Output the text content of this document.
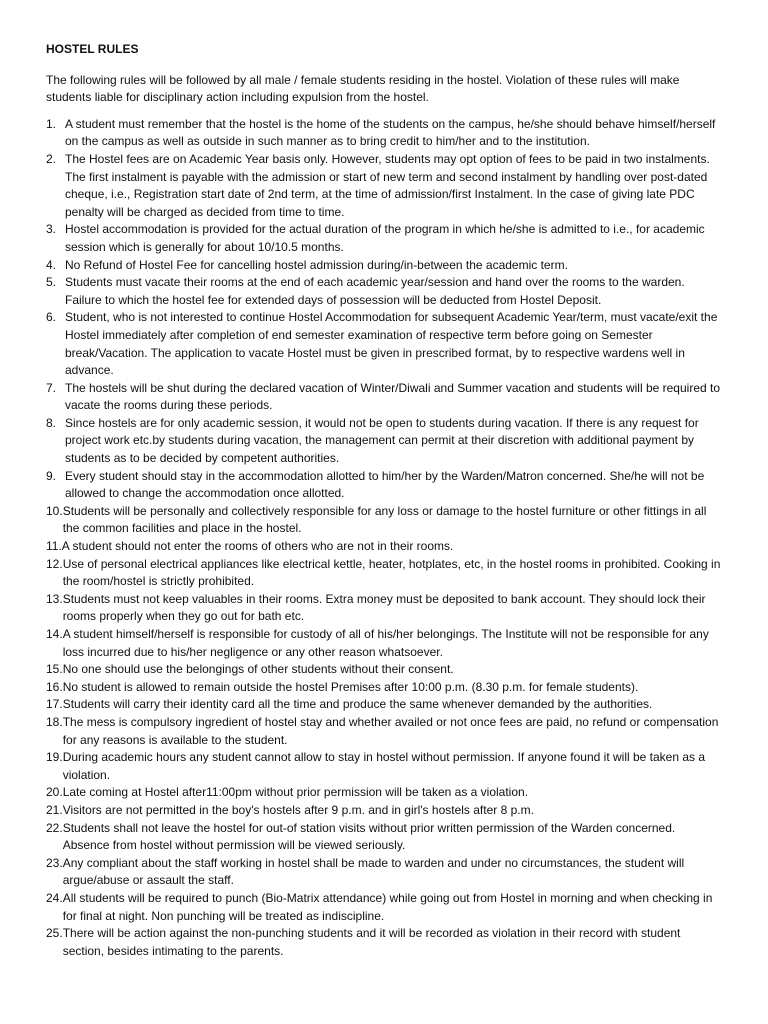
HOSTEL RULES

The following rules will be followed by all male / female students residing in the hostel. Violation of these rules will make students liable for disciplinary action including expulsion from the hostel.

1. A student must remember that the hostel is the home of the students on the campus, he/she should behave himself/herself on the campus as well as outside in such manner as to bring credit to him/her and to the institution.
2. The Hostel fees are on Academic Year basis only. However, students may opt option of fees to be paid in two instalments. The first instalment is payable with the admission or start of new term and second instalment by handling over post-dated cheque, i.e., Registration start date of 2nd term, at the time of admission/first Instalment. In the case of giving late PDC penalty will be charged as decided from time to time.
3. Hostel accommodation is provided for the actual duration of the program in which he/she is admitted to i.e., for academic session which is generally for about 10/10.5 months.
4. No Refund of Hostel Fee for cancelling hostel admission during/in-between the academic term.
5. Students must vacate their rooms at the end of each academic year/session and hand over the rooms to the warden. Failure to which the hostel fee for extended days of possession will be deducted from Hostel Deposit.
6. Student, who is not interested to continue Hostel Accommodation for subsequent Academic Year/term, must vacate/exit the Hostel immediately after completion of end semester examination of respective term before going on Semester break/Vacation. The application to vacate Hostel must be given in prescribed format, by to respective wardens well in advance.
7. The hostels will be shut during the declared vacation of Winter/Diwali and Summer vacation and students will be required to vacate the rooms during these periods.
8. Since hostels are for only academic session, it would not be open to students during vacation. If there is any request for project work etc.by students during vacation, the management can permit at their discretion with additional payment by students as to be decided by competent authorities.
9. Every student should stay in the accommodation allotted to him/her by the Warden/Matron concerned. She/he will not be allowed to change the accommodation once allotted.
10. Students will be personally and collectively responsible for any loss or damage to the hostel furniture or other fittings in all the common facilities and place in the hostel.
11. A student should not enter the rooms of others who are not in their rooms.
12. Use of personal electrical appliances like electrical kettle, heater, hotplates, etc, in the hostel rooms in prohibited. Cooking in the room/hostel is strictly prohibited.
13. Students must not keep valuables in their rooms. Extra money must be deposited to bank account. They should lock their rooms properly when they go out for bath etc.
14. A student himself/herself is responsible for custody of all of his/her belongings. The Institute will not be responsible for any loss incurred due to his/her negligence or any other reason whatsoever.
15. No one should use the belongings of other students without their consent.
16. No student is allowed to remain outside the hostel Premises after 10:00 p.m. (8.30 p.m. for female students).
17. Students will carry their identity card all the time and produce the same whenever demanded by the authorities.
18. The mess is compulsory ingredient of hostel stay and whether availed or not once fees are paid, no refund or compensation for any reasons is available to the student.
19. During academic hours any student cannot allow to stay in hostel without permission. If anyone found it will be taken as a violation.
20. Late coming at Hostel after11:00pm without prior permission will be taken as a violation.
21. Visitors are not permitted in the boy's hostels after 9 p.m. and in girl's hostels after 8 p.m.
22. Students shall not leave the hostel for out-of station visits without prior written permission of the Warden concerned. Absence from hostel without permission will be viewed seriously.
23. Any compliant about the staff working in hostel shall be made to warden and under no circumstances, the student will argue/abuse or assault the staff.
24. All students will be required to punch (Bio-Matrix attendance) while going out from Hostel in morning and when checking in for final at night. Non punching will be treated as indiscipline.
25. There will be action against the non-punching students and it will be recorded as violation in their record with student section, besides intimating to the parents.
